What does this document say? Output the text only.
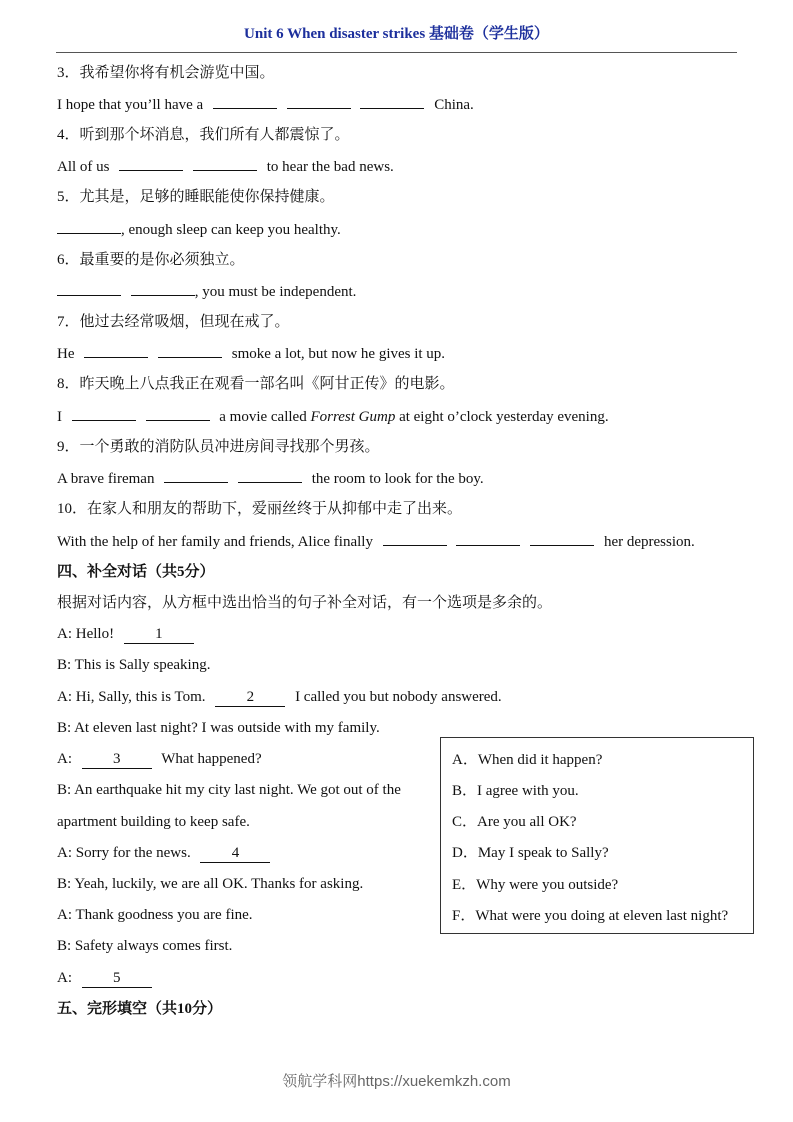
Unit 6 When disaster strikes 基础卷（学生版）
3．我希望你将有机会游览中国。
I hope that you’ll have a	China.
4．听到那个坏消息，我们所有人都震惊了。
All of us	to hear the bad news.
5．尤其是，足够的睡眠能使你保持健康。
, enough sleep can keep you healthy.
6．最重要的是你必须独立。
, you must be independent.
7．他过去经常吸烟，但现在戒了。
He	smoke a lot, but now he gives it up.
8．昨天晚上八点我正在观看一部名叫《阿甘正传》的电影。
I	a movie called Forrest Gump at eight o’clock yesterday evening.
9．一个勇敢的消防队员冲进房间寻找那个男孩。
A brave fireman	the room to look for the boy.
10．在家人和朋友的帮助下，爱丽丝终于从抑郁中走了出来。
With the help of her family and friends, Alice finally	her depression.
四、补全对话（共5分）
根据对话内容，从方框中选出恰当的句子补全对话，有一个选项是多余的。
A: Hello!	1
B: This is Sally speaking.
A: Hi, Sally, this is Tom.	2	I called you but nobody answered.
B: At eleven last night? I was outside with my family.
A:	3	What happened?
B: An earthquake hit my city last night. We got out of the
apartment building to keep safe.
A: Sorry for the news.	4
B: Yeah, luckily, we are all OK. Thanks for asking.
A: Thank goodness you are fine.
B: Safety always comes first.
A:	5
A．When did it happen?
B．I agree with you.
C．Are you all OK?
D．May I speak to Sally?
E．Why were you outside?
F．What were you doing at eleven last night?
五、完形填空（共10分）
领航学科网https://xuekemkzh.com
